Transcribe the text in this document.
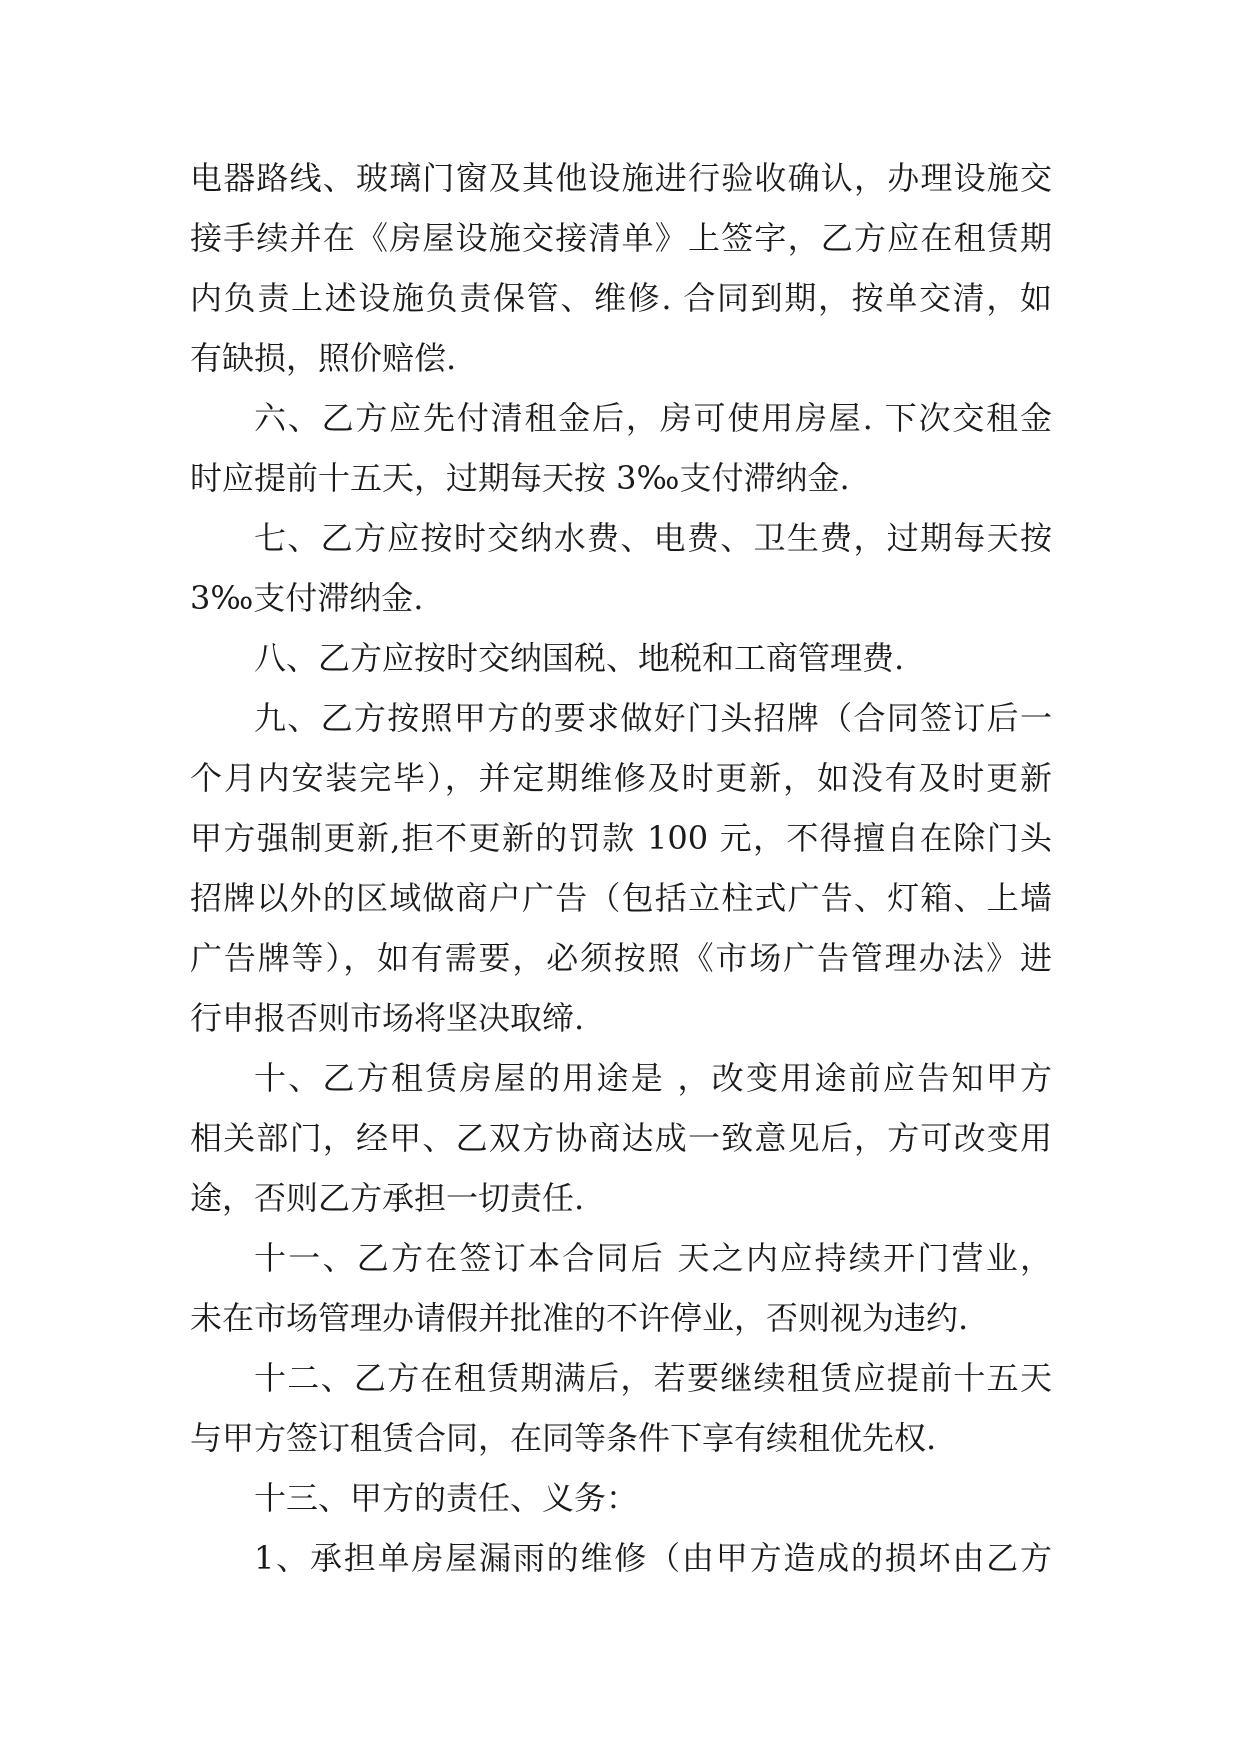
电器路线、玻璃门窗及其他设施进行验收确认，办理设施交
接手续并在《房屋设施交接清单》上签字，乙方应在租赁期
内负责上述设施负责保管、维修. 合同到期，按单交清，如
有缺损，照价赔偿.
六、乙方应先付清租金后，房可使用房屋. 下次交租金
时应提前十五天，过期每天按 3‰支付滞纳金.
七、乙方应按时交纳水费、电费、卫生费，过期每天按
3‰支付滞纳金.
八、乙方应按时交纳国税、地税和工商管理费.
九、乙方按照甲方的要求做好门头招牌（合同签订后一
个月内安装完毕），并定期维修及时更新，如没有及时更新
甲方强制更新,拒不更新的罚款 100 元，不得擅自在除门头
招牌以外的区域做商户广告（包括立柱式广告、灯箱、上墙
广告牌等），如有需要，必须按照《市场广告管理办法》进
行申报否则市场将坚决取缔.
十、乙方租赁房屋的用途是 ，改变用途前应告知甲方
相关部门，经甲、乙双方协商达成一致意见后，方可改变用
途，否则乙方承担一切责任.
十一、乙方在签订本合同后 天之内应持续开门营业，
未在市场管理办请假并批准的不许停业，否则视为违约.
十二、乙方在租赁期满后，若要继续租赁应提前十五天
与甲方签订租赁合同，在同等条件下享有续租优先权.
十三、甲方的责任、义务：
1、承担单房屋漏雨的维修（由甲方造成的损坏由乙方
